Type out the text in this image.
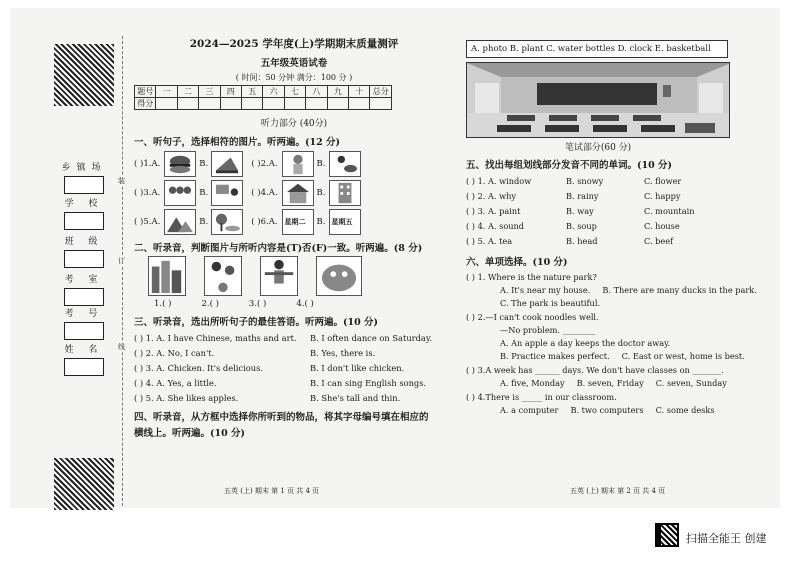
乡镇场
学 校
班 级
考 室
考 号
姓 名
装
订
线
2024—2025 学年度(上)学期期末质量测评
五年级英语试卷
( 时间：50 分钟 满分：100 分 )
题号	一	二	三	四	五	六	七	八	九	十	总分
得分											
听力部分 (40分)
一、听句子，选择相符的图片。听两遍。(12 分)
( )1.A.	B.	( )2.A.	B.
( )3.A.	B.	( )4.A.	B.
( )5.A.	B.	( )6.A. 星期二 B. 星期五
二、听录音，判断图片与所听内容是(T)否(F)一致。听两遍。(8 分)
1.( )	2.( )	3.( )	4.( )
三、听录音，选出所听句子的最佳答语。听两遍。(10 分)
( ) 1. A. I have Chinese, maths and art.	B. I often dance on Saturday.
( ) 2. A. No, I can't.	B. Yes, there is.
( ) 3. A. Chicken. It's delicious.	B. I don't like chicken.
( ) 4. A. Yes, a little.	B. I can sing English songs.
( ) 5. A. She likes apples.	B. She's tall and thin.
四、听录音，从方框中选择你所听到的物品，将其字母编号填在相应的
横线上。听两遍。(10 分)
五英 (上) 期末 第 1 页 共 4 页
A. photo B. plant C. water bottles D. clock E. basketball
笔试部分(60 分)
五、找出每组划线部分发音不同的单词。(10 分)
( ) 1. A. window	B. snowy	C. flower
( ) 2. A. why	B. rainy	C. happy
( ) 3. A. paint	B. way	C. mountain
( ) 4. A. sound	B. soup	C. house
( ) 5. A. tea	B. head	C. beef
六、单项选择。(10 分)
( ) 1. Where is the nature park?
A. It's near my house. B. There are many ducks in the park.
C. The park is beautiful.
( ) 2.—I can't cook noodles well.
—No problem. ________
A. An apple a day keeps the doctor away.
B. Practice makes perfect. C. East or west, home is best.
( ) 3.A week has ______ days. We don't have classes on _______.
A. five, Monday B. seven, Friday C. seven, Sunday
( ) 4.There is _____ in our classroom.
A. a computer B. two computers C. some desks
五英 (上) 期末 第 2 页 共 4 页
扫描全能王 创建
